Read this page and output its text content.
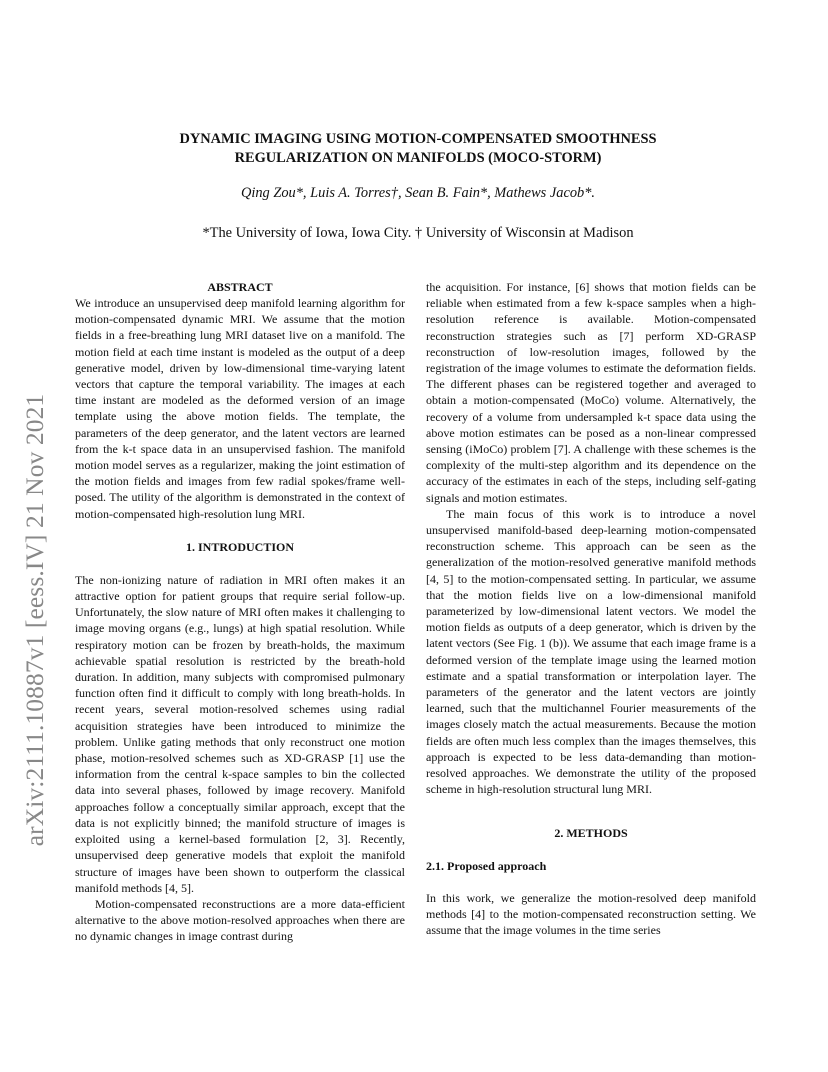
arXiv:2111.10887v1 [eess.IV] 21 Nov 2021
DYNAMIC IMAGING USING MOTION-COMPENSATED SMOOTHNESS
REGULARIZATION ON MANIFOLDS (MOCO-STORM)
Qing Zou*, Luis A. Torres†, Sean B. Fain*, Mathews Jacob*.
*The University of Iowa, Iowa City. † University of Wisconsin at Madison
ABSTRACT

We introduce an unsupervised deep manifold learning algorithm for motion-compensated dynamic MRI. We assume that the motion fields in a free-breathing lung MRI dataset live on a manifold. The motion field at each time instant is modeled as the output of a deep generative model, driven by low-dimensional time-varying latent vectors that capture the temporal variability. The images at each time instant are modeled as the deformed version of an image template using the above motion fields. The template, the parameters of the deep generator, and the latent vectors are learned from the k-t space data in an unsupervised fashion. The manifold motion model serves as a regularizer, making the joint estimation of the motion fields and images from few radial spokes/frame well-posed. The utility of the algorithm is demonstrated in the context of motion-compensated high-resolution lung MRI.

1. INTRODUCTION

The non-ionizing nature of radiation in MRI often makes it an attractive option for patient groups that require serial follow-up. Unfortunately, the slow nature of MRI often makes it challenging to image moving organs (e.g., lungs) at high spatial resolution. While respiratory motion can be frozen by breath-holds, the maximum achievable spatial resolution is restricted by the breath-hold duration. In addition, many subjects with compromised pulmonary function often find it difficult to comply with long breath-holds. In recent years, several motion-resolved schemes using radial acquisition strategies have been introduced to minimize the problem. Unlike gating methods that only reconstruct one motion phase, motion-resolved schemes such as XD-GRASP [1] use the information from the central k-space samples to bin the collected data into several phases, followed by image recovery. Manifold approaches follow a conceptually similar approach, except that the data is not explicitly binned; the manifold structure of images is exploited using a kernel-based formulation [2, 3]. Recently, unsupervised deep generative models that exploit the manifold structure of images have been shown to outperform the classical manifold methods [4, 5].

Motion-compensated reconstructions are a more data-efficient alternative to the above motion-resolved approaches when there are no dynamic changes in image contrast during

the acquisition. For instance, [6] shows that motion fields can be reliable when estimated from a few k-space samples when a high-resolution reference is available. Motion-compensated reconstruction strategies such as [7] perform XD-GRASP reconstruction of low-resolution images, followed by the registration of the image volumes to estimate the deformation fields. The different phases can be registered together and averaged to obtain a motion-compensated (MoCo) volume. Alternatively, the recovery of a volume from undersampled k-t space data using the above motion estimates can be posed as a non-linear compressed sensing (iMoCo) problem [7]. A challenge with these schemes is the complexity of the multi-step algorithm and its dependence on the accuracy of the estimates in each of the steps, including self-gating signals and motion estimates.

The main focus of this work is to introduce a novel unsupervised manifold-based deep-learning motion-compensated reconstruction scheme. This approach can be seen as the generalization of the motion-resolved generative manifold methods [4, 5] to the motion-compensated setting. In particular, we assume that the motion fields live on a low-dimensional manifold parameterized by low-dimensional latent vectors. We model the motion fields as outputs of a deep generator, which is driven by the latent vectors (See Fig. 1 (b)). We assume that each image frame is a deformed version of the template image using the learned motion estimate and a spatial transformation or interpolation layer. The parameters of the generator and the latent vectors are jointly learned, such that the multichannel Fourier measurements of the images closely match the actual measurements. Because the motion fields are often much less complex than the images themselves, this approach is expected to be less data-demanding than motion-resolved approaches. We demonstrate the utility of the proposed scheme in high-resolution structural lung MRI.

2. METHODS
2.1. Proposed approach

In this work, we generalize the motion-resolved deep manifold methods [4] to the motion-compensated reconstruction setting. We assume that the image volumes in the time series
